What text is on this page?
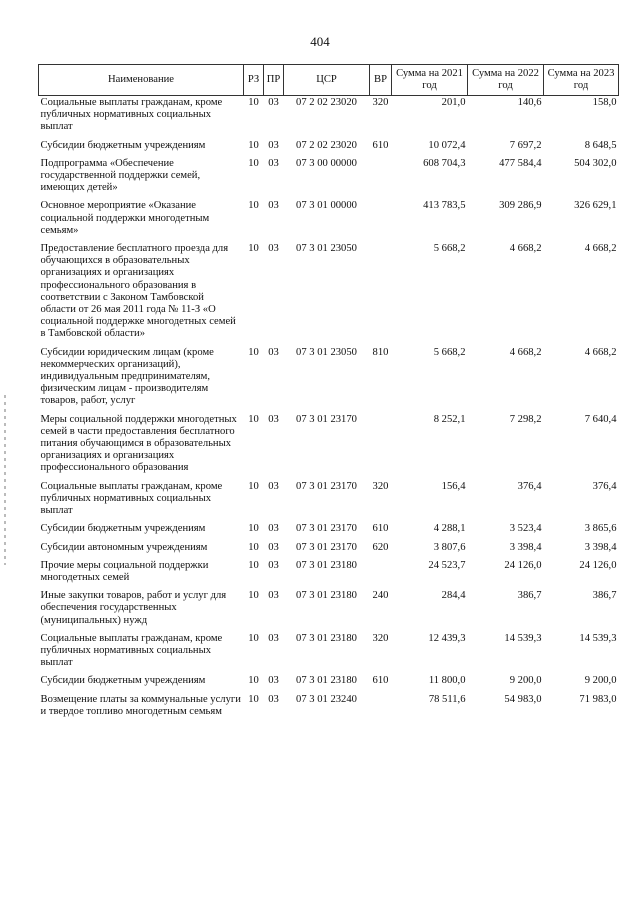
404
Наименование	РЗ	ПР	ЦСР	ВР	Сумма на 2021 год	Сумма на 2022 год	Сумма на 2023 год
Социальные выплаты гражданам, кроме публичных нормативных социальных выплат	10	03	07 2 02 23020	320	201,0	140,6	158,0
Субсидии бюджетным учреждениям	10	03	07 2 02 23020	610	10 072,4	7 697,2	8 648,5
Подпрограмма «Обеспечение государственной поддержки семей, имеющих детей»	10	03	07 3 00 00000		608 704,3	477 584,4	504 302,0
Основное мероприятие «Оказание социальной поддержки многодетным семьям»	10	03	07 3 01 00000		413 783,5	309 286,9	326 629,1
Предоставление бесплатного проезда для обучающихся в образовательных организациях и организациях профессионального образования в соответствии с Законом Тамбовской области от 26 мая 2011 года № 11-З «О социальной поддержке многодетных семей в Тамбовской области»	10	03	07 3 01 23050		5 668,2	4 668,2	4 668,2
Субсидии юридическим лицам (кроме некоммерческих организаций), индивидуальным предпринимателям, физическим лицам - производителям товаров, работ, услуг	10	03	07 3 01 23050	810	5 668,2	4 668,2	4 668,2
Меры социальной поддержки многодетных семей в части предоставления бесплатного питания обучающимся в образовательных организациях и организациях профессионального образования	10	03	07 3 01 23170		8 252,1	7 298,2	7 640,4
Социальные выплаты гражданам, кроме публичных нормативных социальных выплат	10	03	07 3 01 23170	320	156,4	376,4	376,4
Субсидии бюджетным учреждениям	10	03	07 3 01 23170	610	4 288,1	3 523,4	3 865,6
Субсидии автономным учреждениям	10	03	07 3 01 23170	620	3 807,6	3 398,4	3 398,4
Прочие меры социальной поддержки многодетных семей	10	03	07 3 01 23180		24 523,7	24 126,0	24 126,0
Иные закупки товаров, работ и услуг для обеспечения государственных (муниципальных) нужд	10	03	07 3 01 23180	240	284,4	386,7	386,7
Социальные выплаты гражданам, кроме публичных нормативных социальных выплат	10	03	07 3 01 23180	320	12 439,3	14 539,3	14 539,3
Субсидии бюджетным учреждениям	10	03	07 3 01 23180	610	11 800,0	9 200,0	9 200,0
Возмещение платы за коммунальные услуги и твердое топливо многодетным семьям	10	03	07 3 01 23240		78 511,6	54 983,0	71 983,0
